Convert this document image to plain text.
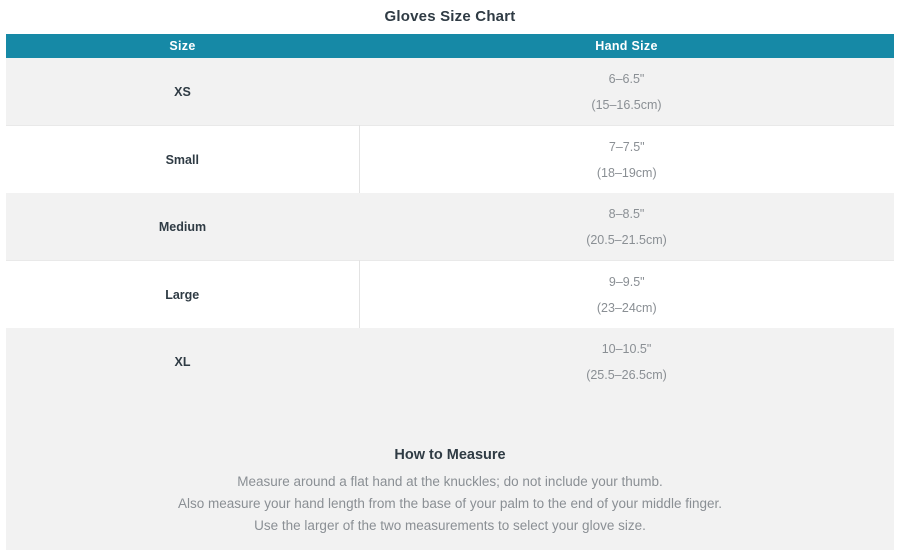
Gloves Size Chart
Size	Hand Size
XS	6–6.5"
(15–16.5cm)

Small	7–7.5"
(18–19cm)

Medium	8–8.5"
(20.5–21.5cm)

Large	9–9.5"
(23–24cm)

XL	10–10.5"
(25.5–26.5cm)
How to Measure

Measure around a flat hand at the knuckles; do not include your thumb.

Also measure your hand length from the base of your palm to the end of your middle finger.

Use the larger of the two measurements to select your glove size.
